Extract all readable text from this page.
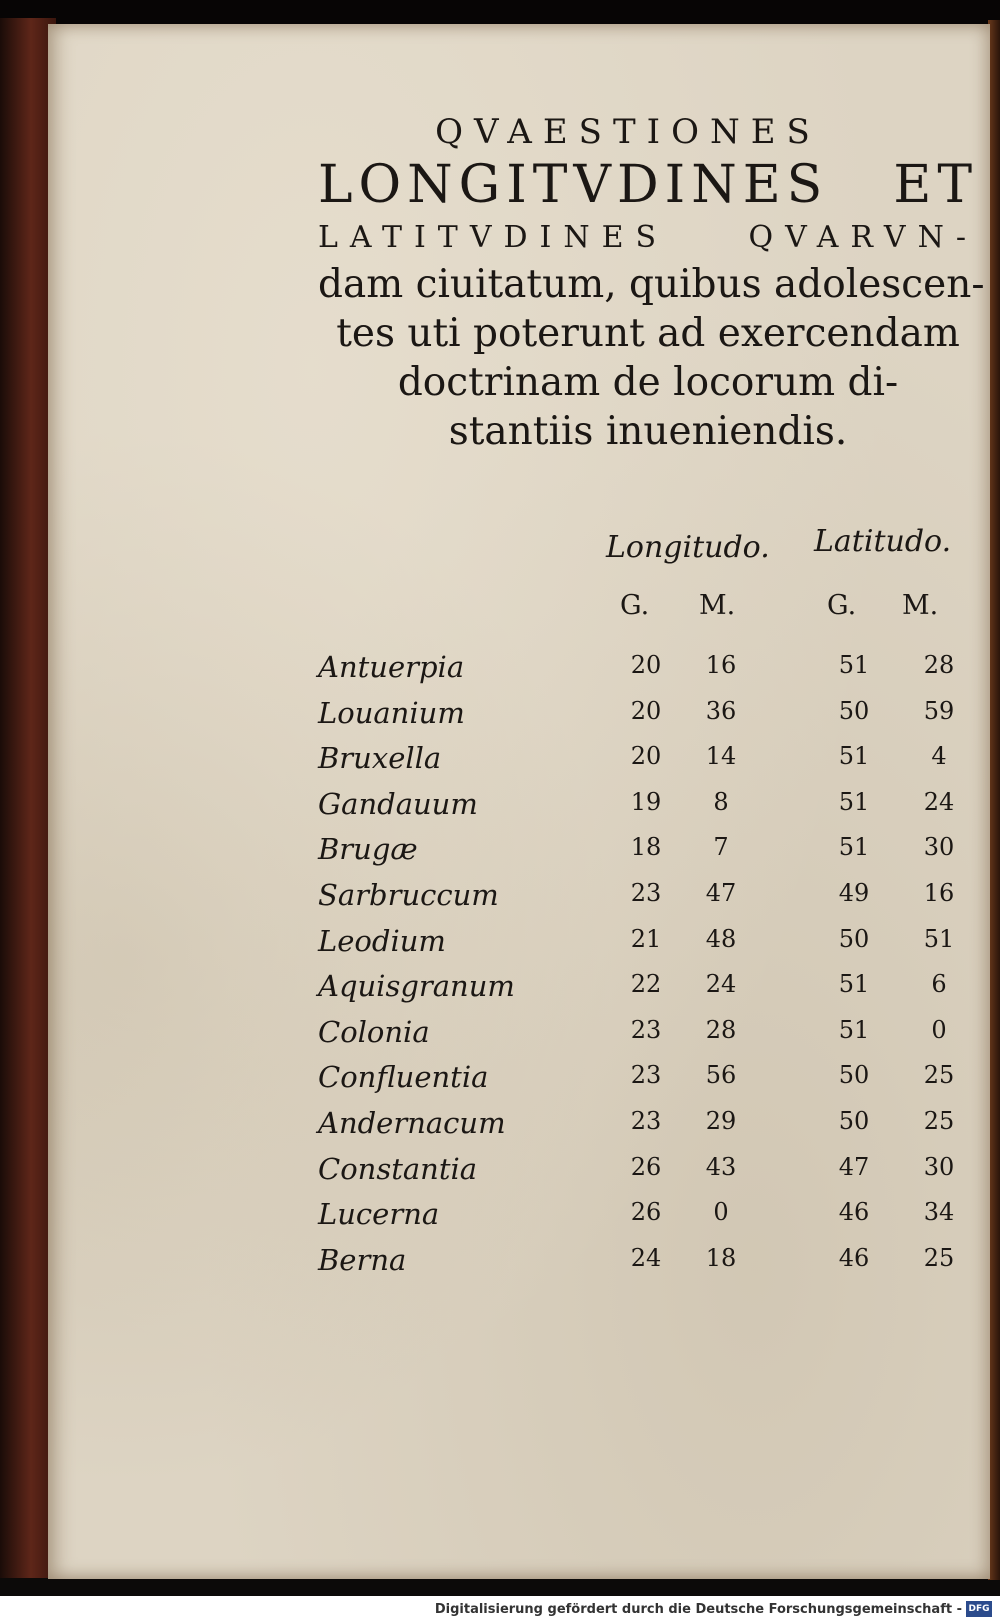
QVAESTIONES
LONGITVDINES ET
LATITVDINES QVARVN-
dam ciuitatum, quibus adolescen-
tes uti poterunt ad exercendam
doctrinam de locorum di-
stantiis inueniendis.
Longitudo. Latitudo.
G. M.	G. M.
Antuerpia	20	16	51	28
Louanium	20	36	50	59
Bruxella	20	14	51	4
Gandauum	19	8	51	24
Brugæ	18	7	51	30
Sarbruccum	23	47	49	16
Leodium	21	48	50	51
Aquisgranum	22	24	51	6
Colonia	23	28	51	0
Confluentia	23	56	50	25
Andernacum	23	29	50	25
Constantia	26	43	47	30
Lucerna	26	0	46	34
Berna	24	18	46	25
Digitalisierung gefördert durch die Deutsche Forschungsgemeinschaft - DFG
